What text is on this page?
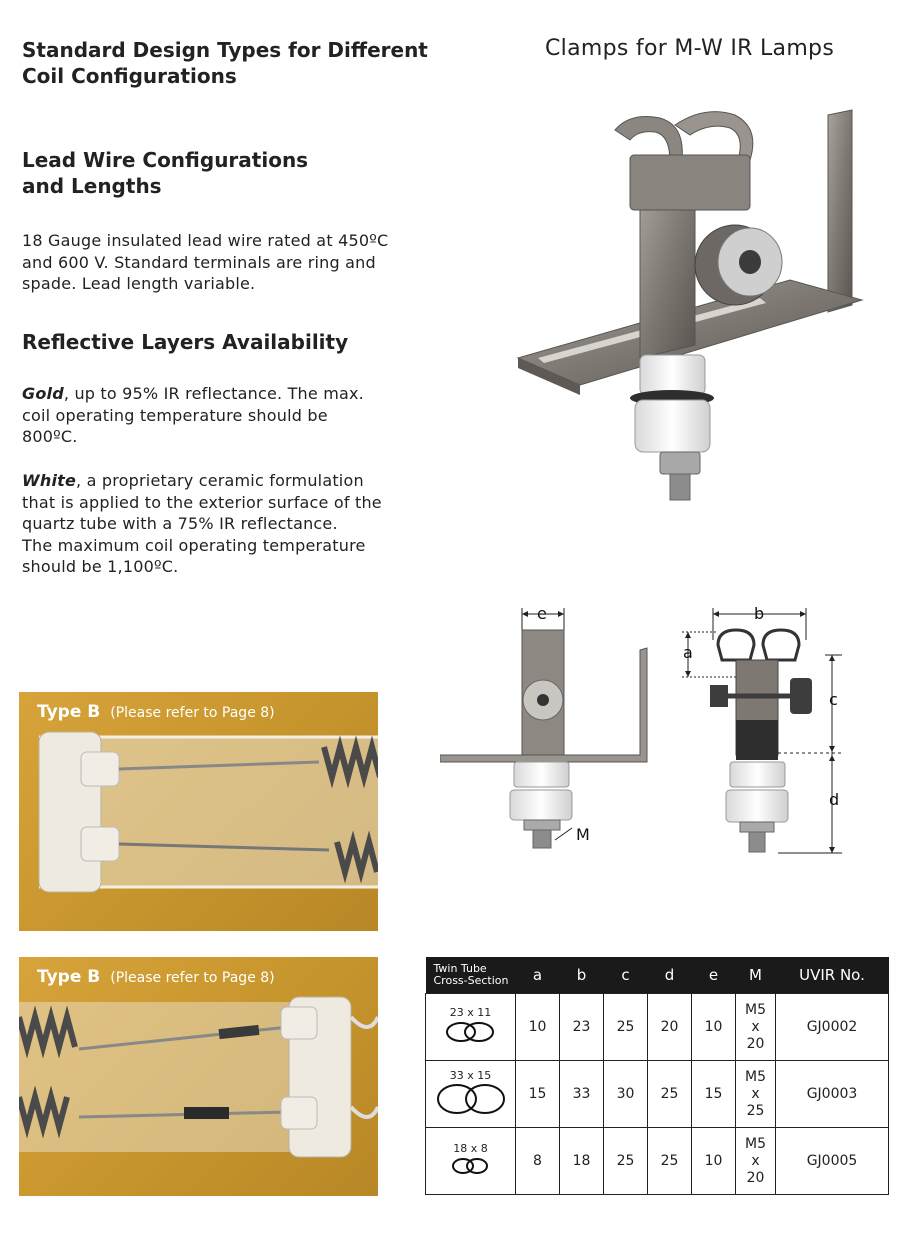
Standard Design Types for Different
Coil Configurations
Lead Wire Configurations
and Lengths
18 Gauge insulated lead wire rated at 450ºC
and 600 V. Standard terminals are ring and
spade. Lead length variable.
Reflective Layers Availability
Gold, up to 95% IR reflectance. The max.
coil operating temperature should be
800ºC.
White, a proprietary ceramic formulation
that is applied to the exterior surface of the
quartz tube with a 75% IR reflectance.
The maximum coil operating temperature
should be 1,100ºC.
Clamps for M-W IR Lamps
e	b
a
c
d
M
Type B (Please refer to Page 8)
Type B (Please refer to Page 8)
Twin Tube
Cross-Section	a	b	c	d	e	M	UVIR No.

23 x 11	10	23	25	20	10	M5
x
20	GJ0002

33 x 15	15	33	30	25	15	M5
x
25	GJ0003

18 x 8	8	18	25	25	10	M5
x
20	GJ0005
